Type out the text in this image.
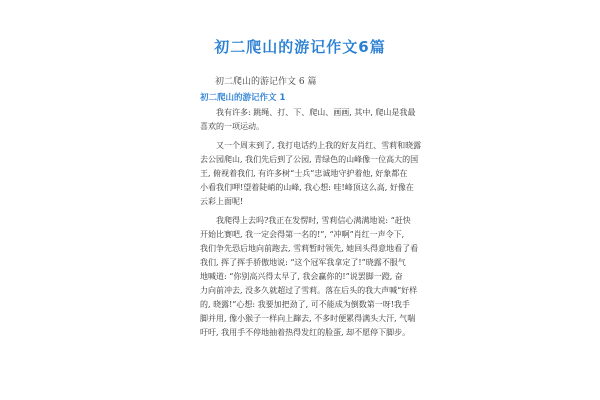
初二爬山的游记作文6篇
初二爬山的游记作文 6 篇
初二爬山的游记作文 1

我有许多: 跳绳、打、下、爬山、画画, 其中, 爬山是我最
喜欢的一项运动。

又一个周末到了, 我打电话约上我的好友肖红、雪莉和晓露
去公园爬山, 我们先后到了公园, 青绿色的山峰像一位高大的国
王, 俯视着我们, 有许多树“士兵”忠诚地守护着他, 好象都在
小看我们呷!望着陡峭的山峰, 我心想: 哇!峰顶这么高, 好像在
云彩上面呢!

我爬得上去吗?我正在发愣时, 雪莉信心满满地说: “赶快
开始比赛吧, 我一定会得第一名的!”, “冲啊”肖红一声令下,
我们争先恐后地向前跑去, 雪莉暂时领先, 她回头得意地看了看
我们, 挥了挥手骄傲地说: “这个冠军我拿定了!”晓露不服气
地喊道: “你别高兴得太早了, 我会赢你的!”说罢脚一蹬, 奋
力向前冲去, 没多久就超过了雪莉。落在后头的我大声喊“好样
的, 晓露!”心想: 我要加把劲了, 可不能成为倒数第一呀!我手
脚并用, 像小猴子一样向上蹿去, 不多时便累得满头大汗, 气喘
吁吁, 我用手不停地抽着热得发红的脸蛋, 却不愿停下脚步。
